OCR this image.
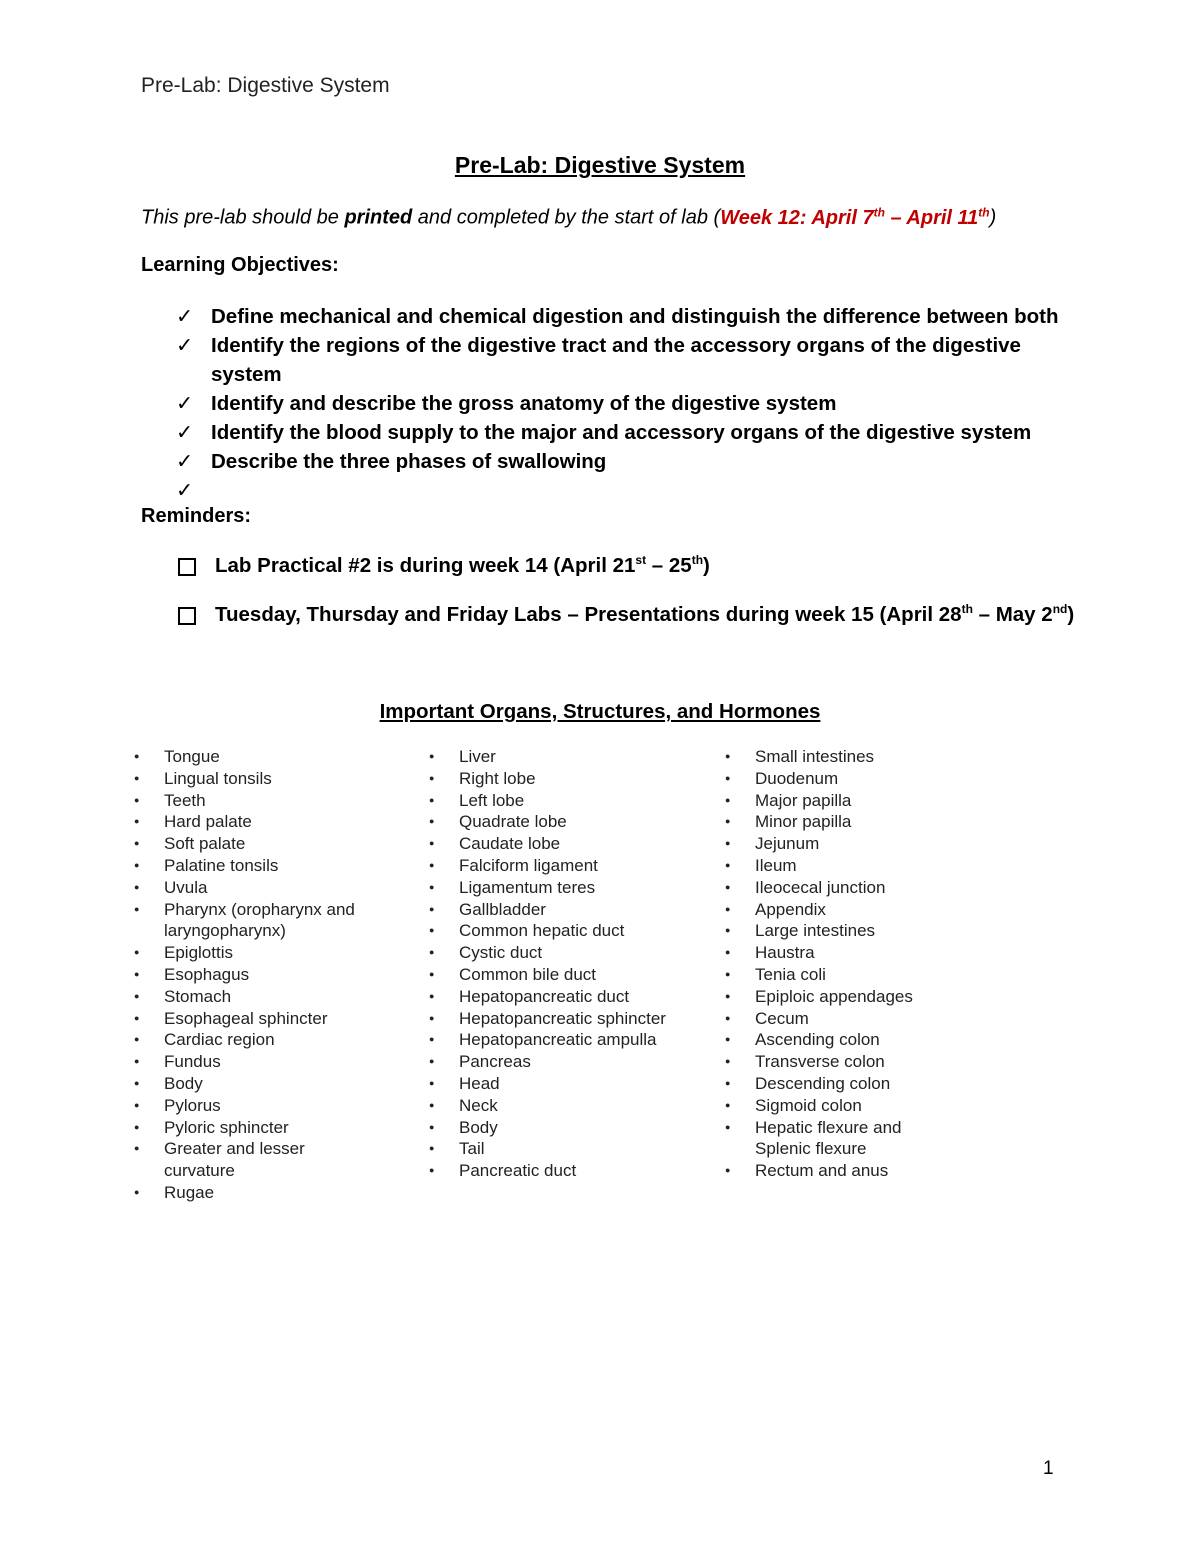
Pre-Lab: Digestive System
Pre-Lab: Digestive System
This pre-lab should be printed and completed by the start of lab (Week 12: April 7th – April 11th)
Learning Objectives:
✓ Define mechanical and chemical digestion and distinguish the difference between both
✓ Identify the regions of the digestive tract and the accessory organs of the digestive system
✓ Identify and describe the gross anatomy of the digestive system
✓ Identify the blood supply to the major and accessory organs of the digestive system
✓ Describe the three phases of swallowing
✓
Reminders:
Lab Practical #2 is during week 14 (April 21st – 25th)
Tuesday, Thursday and Friday Labs – Presentations during week 15 (April 28th – May 2nd)
Important Organs, Structures, and Hormones
● Tongue
● Lingual tonsils
● Teeth
● Hard palate
● Soft palate
● Palatine tonsils
● Uvula
● Pharynx (oropharynx and laryngopharynx)
● Epiglottis
● Esophagus
● Stomach
● Esophageal sphincter
● Cardiac region
● Fundus
● Body
● Pylorus
● Pyloric sphincter
● Greater and lesser curvature
● Rugae
● Liver
● Right lobe
● Left lobe
● Quadrate lobe
● Caudate lobe
● Falciform ligament
● Ligamentum teres
● Gallbladder
● Common hepatic duct
● Cystic duct
● Common bile duct
● Hepatopancreatic duct
● Hepatopancreatic sphincter
● Hepatopancreatic ampulla
● Pancreas
● Head
● Neck
● Body
● Tail
● Pancreatic duct
● Small intestines
● Duodenum
● Major papilla
● Minor papilla
● Jejunum
● Ileum
● Ileocecal junction
● Appendix
● Large intestines
● Haustra
● Tenia coli
● Epiploic appendages
● Cecum
● Ascending colon
● Transverse colon
● Descending colon
● Sigmoid colon
● Hepatic flexure and Splenic flexure
● Rectum and anus
1
